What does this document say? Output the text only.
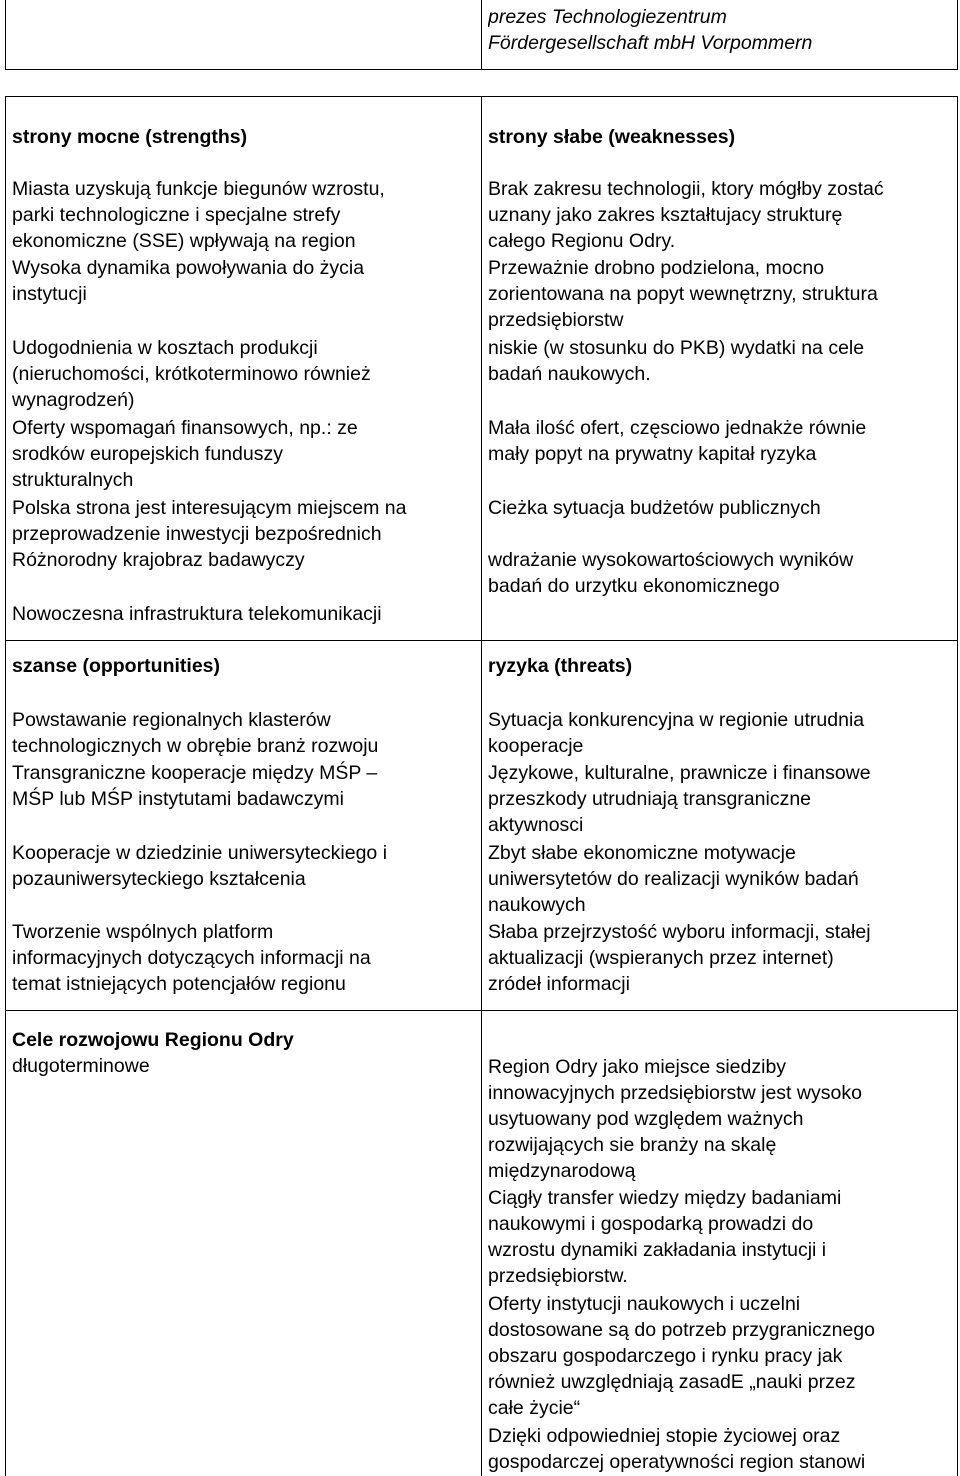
prezes Technologiezentrum
Fördergesellschaft mbH Vorpommern
strony mocne (strengths)
Miasta uzyskują funkcje biegunów wzrostu,
parki technologiczne i specjalne strefy
ekonomiczne (SSE) wpływają na region
Wysoka dynamika powoływania do życia
instytucji
Udogodnienia w kosztach produkcji
(nieruchomości, krótkoterminowo również
wynagrodzeń)
Oferty wspomagań finansowych, np.: ze
srodków europejskich funduszy
strukturalnych
Polska strona jest interesującym miejscem na
przeprowadzenie inwestycji bezpośrednich
Różnorodny krajobraz badawyczy
Nowoczesna infrastruktura telekomunikacji
strony słabe (weaknesses)
Brak zakresu technologii, ktory mógłby zostać
uznany jako zakres kształtujacy strukturę
całego Regionu Odry.
Przeważnie drobno podzielona, mocno
zorientowana na popyt wewnętrzny, struktura
przedsiębiorstw
niskie (w stosunku do PKB) wydatki na cele
badań naukowych.
Mała ilość ofert, częsciowo jednakże równie
mały popyt na prywatny kapitał ryzyka
Cieżka sytuacja budżetów publicznych
wdrażanie wysokowartościowych wyników
badań do urzytku ekonomicznego
szanse (opportunities)
Powstawanie regionalnych klasterów
technologicznych w obrębie branż rozwoju
Transgraniczne kooperacje między MŚP –
MŚP lub MŚP instytutami badawczymi
Kooperacje w dziedzinie uniwersyteckiego i
pozauniwersyteckiego kształcenia
Tworzenie wspólnych platform
informacyjnych dotyczących informacji na
temat istniejących potencjałów regionu
ryzyka (threats)
Sytuacja konkurencyjna w regionie utrudnia
kooperacje
Językowe, kulturalne, prawnicze i finansowe
przeszkody utrudniają transgraniczne
aktywnosci
Zbyt słabe ekonomiczne motywacje
uniwersytetów do realizacji wyników badań
naukowych
Słaba przejrzystość wyboru informacji, stałej
aktualizacji (wspieranych przez internet)
zródeł informacji
Cele rozwojowu Regionu Odry
długoterminowe	Region Odry jako miejsce siedziby
innowacyjnych przedsiębiorstw jest wysoko
usytuowany pod względem ważnych
rozwijających sie branży na skalę
międzynarodową
Ciągły transfer wiedzy między badaniami
naukowymi i gospodarką prowadzi do
wzrostu dynamiki zakładania instytucji i
przedsiębiorstw.
Oferty instytucji naukowych i uczelni
dostosowane są do potrzeb przygranicznego
obszaru gospodarczego i rynku pracy jak
również uwzględniają zasadE „nauki przez
całe życie“
Dzięki odpowiedniej stopie życiowej oraz
gospodarczej operatywności region stanowi
